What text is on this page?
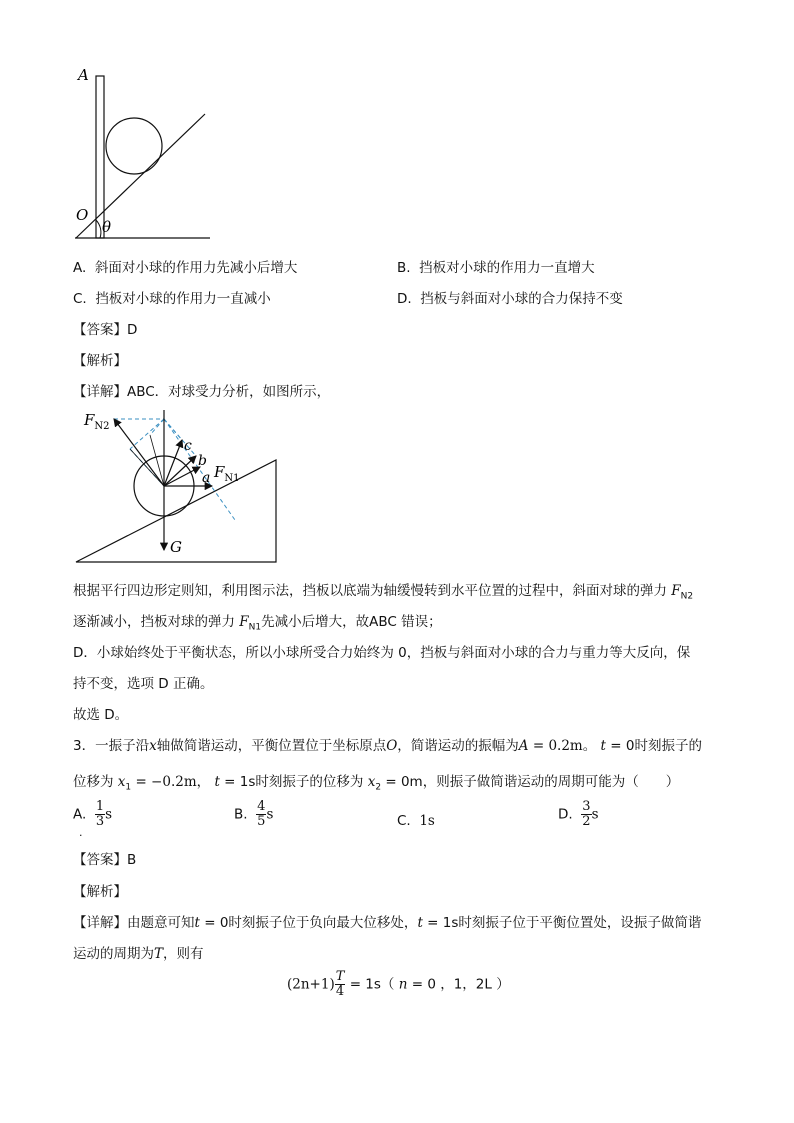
A
O
θ
A. 斜面对小球的作用力先减小后增大	B. 挡板对小球的作用力一直增大
C. 挡板对小球的作用力一直减小	D. 挡板与斜面对小球的合力保持不变
【答案】D
【解析】
【详解】ABC．对球受力分析，如图所示，
$F_{N2}$
c
b
a $F_{N1}$
G
根据平行四边形定则知，利用图示法，挡板以底端为轴缓慢转到水平位置的过程中，斜面对球的弹力 $F_{N2}$
逐渐减小，挡板对球的弹力 $F_{N1}$先减小后增大，故ABC 错误；
D．小球始终处于平衡状态，所以小球所受合力始终为 0，挡板与斜面对小球的合力与重力等大反向，保
持不变，选项 D 正确。
故选 D。
3．一振子沿x轴做简谐运动，平衡位置位于坐标原点O，简谐运动的振幅为A = 0.2m。 t = 0时刻振子的
位移为 $x_1 = -0.2m$， t = 1s时刻振子的位移为 $x_2 = 0m$，则振子做简谐运动的周期可能为（　　）
A. $\frac{1}{3}$ s
.
B. $\frac{4}{5}$ s	C. 1s	D. $\frac{3}{2}$ s
【答案】B
【解析】
【详解】由题意可知t = 0时刻振子位于负向最大位移处，t = 1s时刻振子位于平衡位置处，设振子做简谐
运动的周期为T，则有
$(2n+1) \frac{T}{4} = 1s$（ n = 0 ，1，2L ）
